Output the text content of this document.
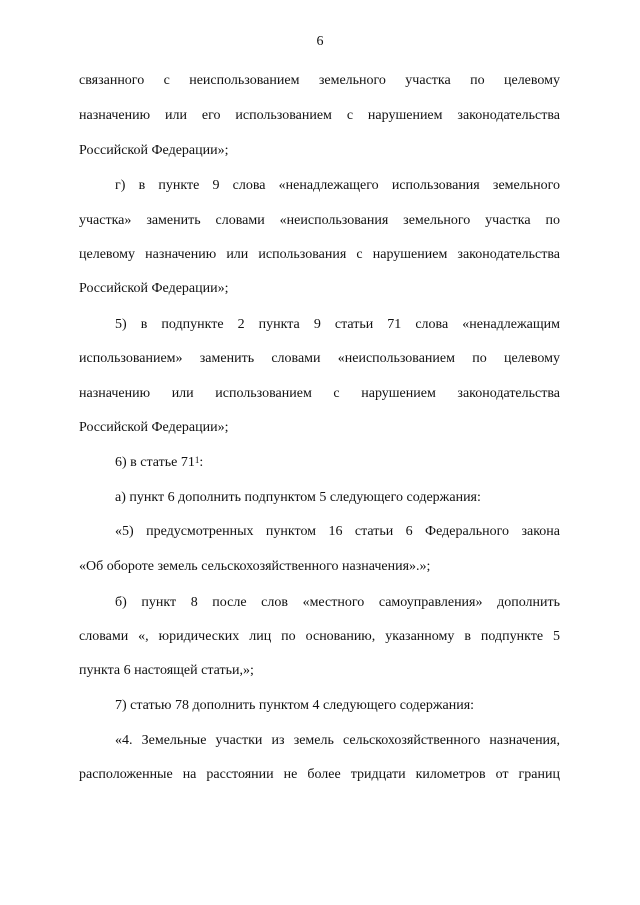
6
связанного с неиспользованием земельного участка по целевому
назначению или его использованием с нарушением законодательства
Российской Федерации»;
г) в пункте 9 слова «ненадлежащего использования земельного
участка» заменить словами «неиспользования земельного участка по
целевому назначению или использования с нарушением законодательства
Российской Федерации»;
5) в подпункте 2 пункта 9 статьи 71 слова «ненадлежащим
использованием» заменить словами «неиспользованием по целевому
назначению или использованием с нарушением законодательства
Российской Федерации»;
6) в статье $71^1$:
а) пункт 6 дополнить подпунктом 5 следующего содержания:
«5) предусмотренных пунктом 16 статьи 6 Федерального закона
«Об обороте земель сельскохозяйственного назначения».»;
б) пункт 8 после слов «местного самоуправления» дополнить
словами «, юридических лиц по основанию, указанному в подпункте 5
пункта 6 настоящей статьи,»;
7) статью 78 дополнить пунктом 4 следующего содержания:
«4. Земельные участки из земель сельскохозяйственного назначения,
расположенные на расстоянии не более тридцати километров от границ
